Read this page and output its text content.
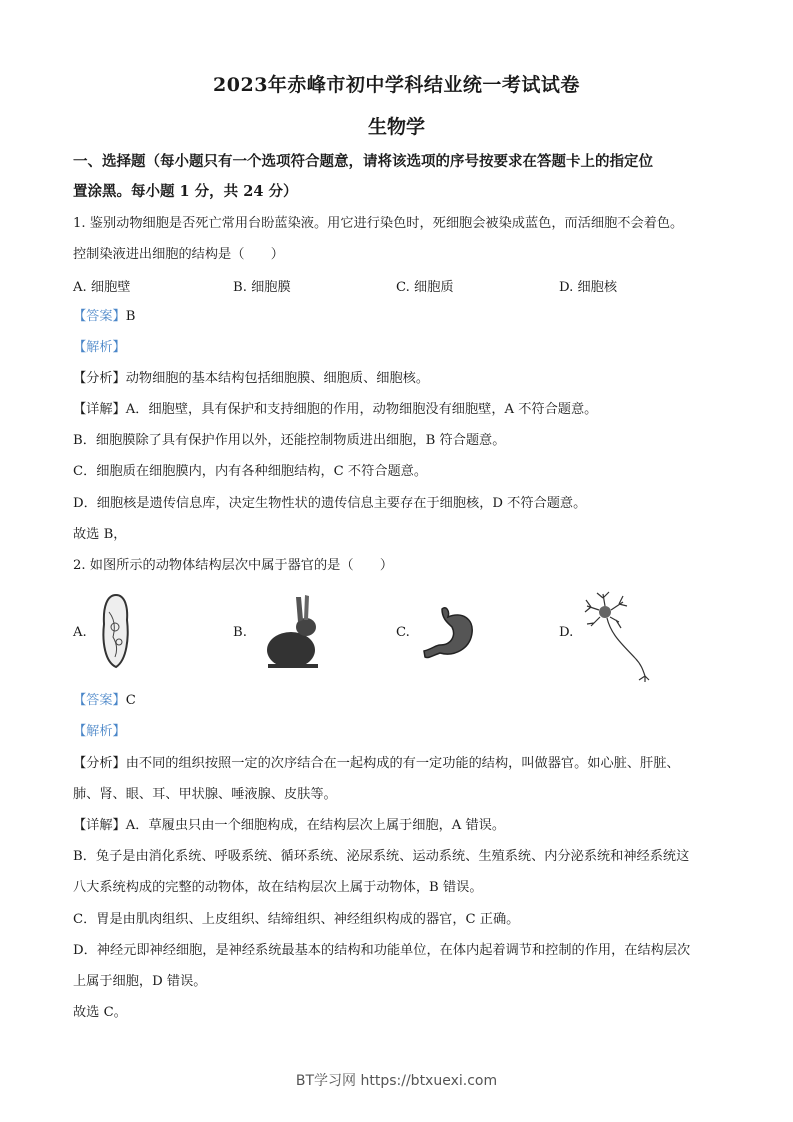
2023年赤峰市初中学科结业统一考试试卷
生物学
一、选择题（每小题只有一个选项符合题意，请将该选项的序号按要求在答题卡上的指定位
置涂黑。每小题 1 分，共 24 分）
1. 鉴别动物细胞是否死亡常用台盼蓝染液。用它进行染色时，死细胞会被染成蓝色，而活细胞不会着色。
控制染液进出细胞的结构是（　　）
A. 细胞壁	B. 细胞膜	C. 细胞质	D. 细胞核
【答案】B
【解析】
【分析】动物细胞的基本结构包括细胞膜、细胞质、细胞核。
【详解】A．细胞壁，具有保护和支持细胞的作用，动物细胞没有细胞壁，A 不符合题意。
B．细胞膜除了具有保护作用以外，还能控制物质进出细胞，B 符合题意。
C．细胞质在细胞膜内，内有各种细胞结构，C 不符合题意。
D．细胞核是遗传信息库，决定生物性状的遗传信息主要存在于细胞核，D 不符合题意。
故选 B，
2. 如图所示的动物体结构层次中属于器官的是（　　）
A.	B.	C.	D.
【答案】C
【解析】
【分析】由不同的组织按照一定的次序结合在一起构成的有一定功能的结构，叫做器官。如心脏、肝脏、
肺、肾、眼、耳、甲状腺、唾液腺、皮肤等。
【详解】A．草履虫只由一个细胞构成，在结构层次上属于细胞，A 错误。
B．兔子是由消化系统、呼吸系统、循环系统、泌尿系统、运动系统、生殖系统、内分泌系统和神经系统这
八大系统构成的完整的动物体，故在结构层次上属于动物体，B 错误。
C．胃是由肌肉组织、上皮组织、结缔组织、神经组织构成的器官，C 正确。
D．神经元即神经细胞，是神经系统最基本的结构和功能单位，在体内起着调节和控制的作用，在结构层次
上属于细胞，D 错误。
故选 C。
BT学习网 https://btxuexi.com
